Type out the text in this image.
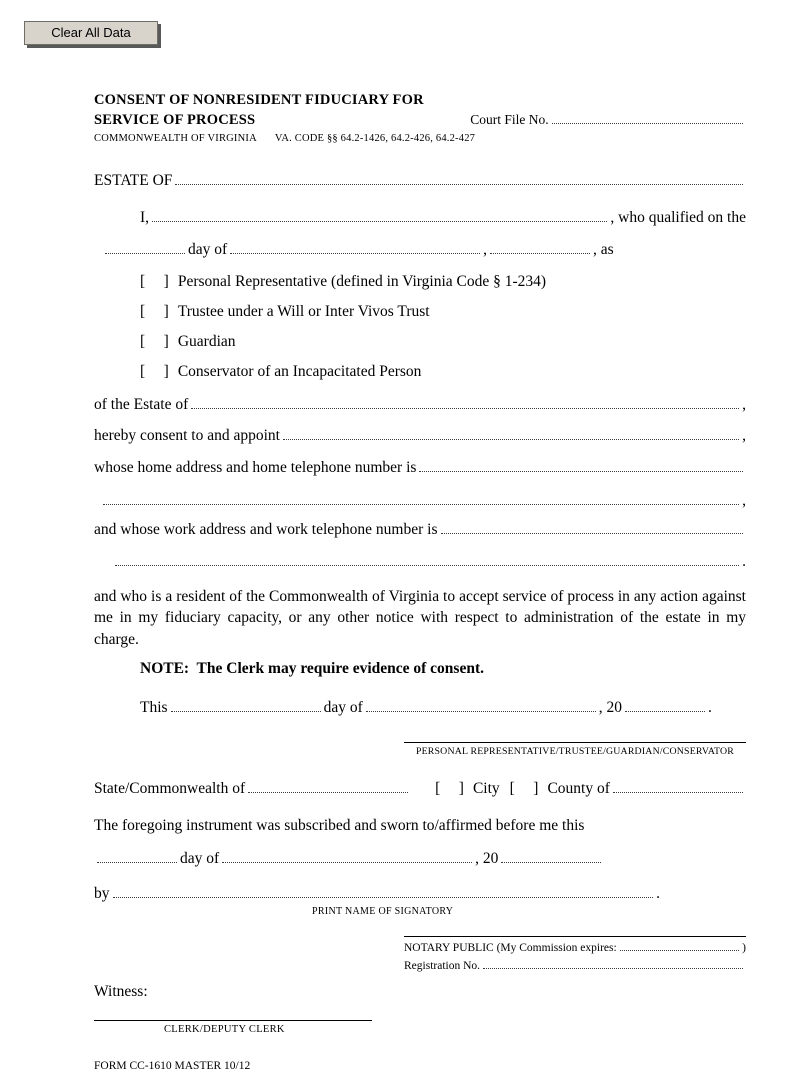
Clear All Data
CONSENT OF NONRESIDENT FIDUCIARY FOR
SERVICE OF PROCESS	Court File No.
COMMONWEALTH OF VIRGINIA VA. CODE §§ 64.2-1426, 64.2-426, 64.2-427
ESTATE OF
I,	, who qualified on the
day of	,	, as
[  ] Personal Representative (defined in Virginia Code § 1-234)
[  ] Trustee under a Will or Inter Vivos Trust
[  ] Guardian
[  ] Conservator of an Incapacitated Person
of the Estate of	,
hereby consent to and appoint	,
whose home address and home telephone number is
,
and whose work address and work telephone number is
.
and who is a resident of the Commonwealth of Virginia to accept service of process in any action against me in my fiduciary capacity, or any other notice with respect to administration of the estate in my charge.
NOTE:  The Clerk may require evidence of consent.
This	day of	, 20	.
PERSONAL REPRESENTATIVE/TRUSTEE/GUARDIAN/CONSERVATOR
State/Commonwealth of	[  ] City [  ] County of
The foregoing instrument was subscribed and sworn to/affirmed before me this
day of	, 20
by	.
PRINT NAME OF SIGNATORY
NOTARY PUBLIC (My Commission expires:	)
Registration No.
Witness:
CLERK/DEPUTY CLERK
FORM CC-1610 MASTER 10/12
